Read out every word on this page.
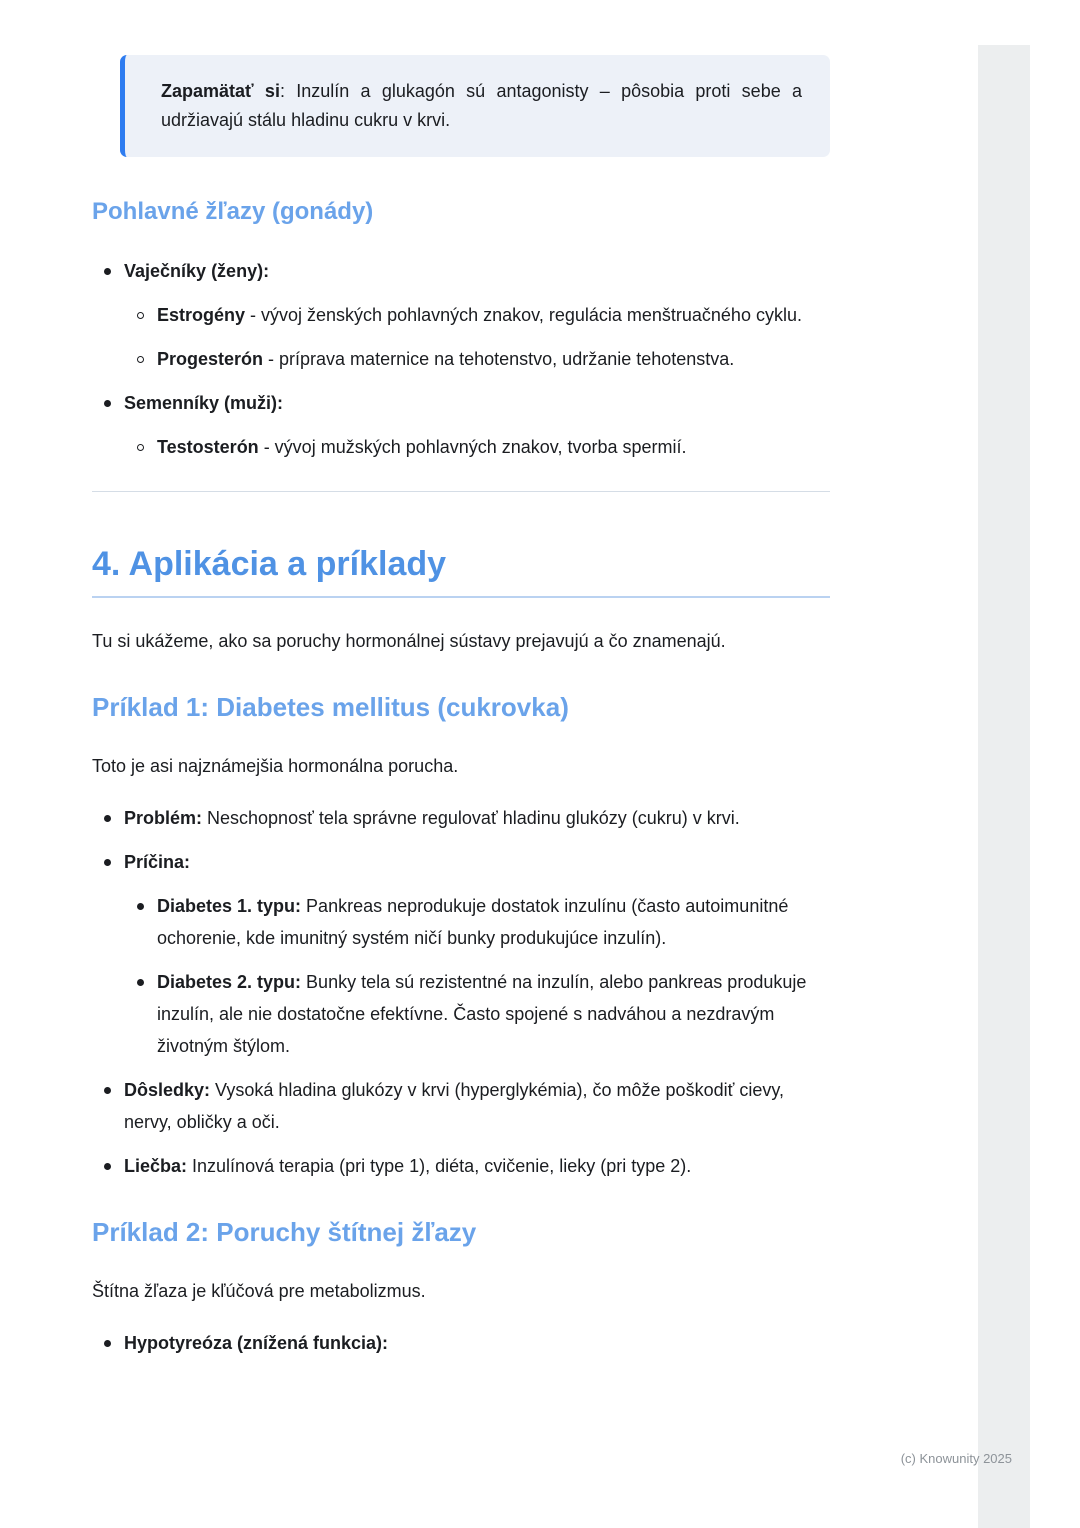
Zapamätať si: Inzulín a glukagón sú antagonisty – pôsobia proti sebe a udržiavajú stálu hladinu cukru v krvi.
Pohlavné žľazy (gonády)
Vaječníky (ženy):
Estrogény - vývoj ženských pohlavných znakov, regulácia menštruačného cyklu.
Progesterón - príprava maternice na tehotenstvo, udržanie tehotenstva.
Semenníky (muži):
Testosterón - vývoj mužských pohlavných znakov, tvorba spermií.
4. Aplikácia a príklady
Tu si ukážeme, ako sa poruchy hormonálnej sústavy prejavujú a čo znamenajú.
Príklad 1: Diabetes mellitus (cukrovka)
Toto je asi najznámejšia hormonálna porucha.
Problém: Neschopnosť tela správne regulovať hladinu glukózy (cukru) v krvi.
Príčina:
Diabetes 1. typu: Pankreas neprodukuje dostatok inzulínu (často autoimunitné ochorenie, kde imunitný systém ničí bunky produkujúce inzulín).
Diabetes 2. typu: Bunky tela sú rezistentné na inzulín, alebo pankreas produkuje inzulín, ale nie dostatočne efektívne. Často spojené s nadváhou a nezdravým životným štýlom.
Dôsledky: Vysoká hladina glukózy v krvi (hyperglykémia), čo môže poškodiť cievy, nervy, obličky a oči.
Liečba: Inzulínová terapia (pri type 1), diéta, cvičenie, lieky (pri type 2).
Príklad 2: Poruchy štítnej žľazy
Štítna žľaza je kľúčová pre metabolizmus.
Hypotyreóza (znížená funkcia):
(c) Knowunity 2025
